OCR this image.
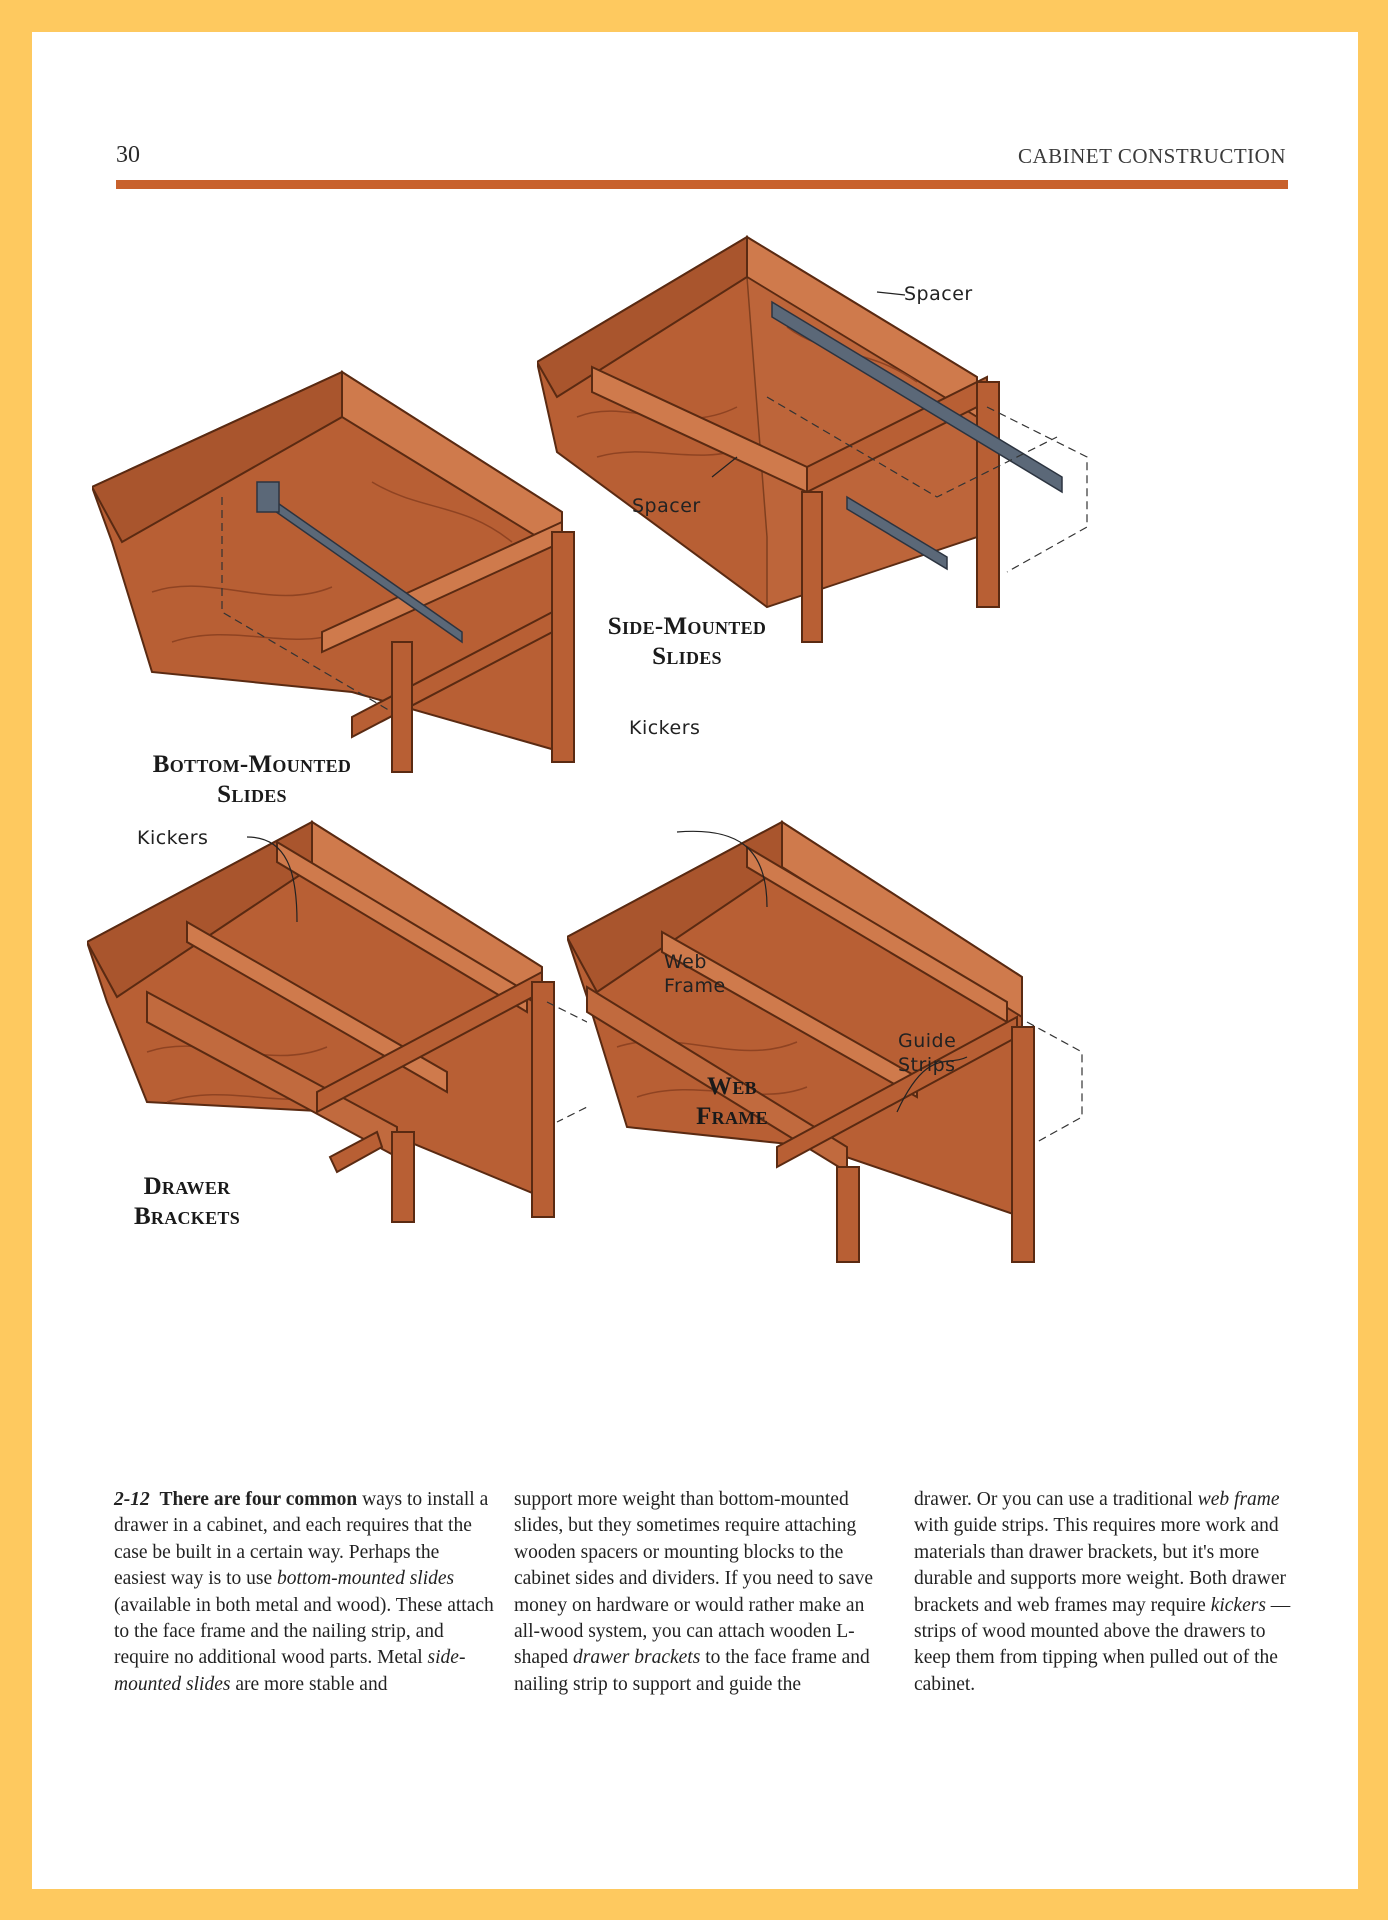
30	CABINET CONSTRUCTION
Spacer
Spacer
Side-Mounted
Slides
Bottom-Mounted
Slides
Kickers
Web
Frame
Guide
Strips
Web
Frame
Kickers
Drawer
Brackets
2-12 There are four common ways to install a drawer in a cabinet, and each requires that the case be built in a certain way. Perhaps the easiest way is to use bottom-mounted slides (available in both metal and wood). These attach to the face frame and the nailing strip, and require no additional wood parts. Metal side-mounted slides are more stable and
support more weight than bottom-mounted slides, but they sometimes require attaching wooden spacers or mounting blocks to the cabinet sides and dividers. If you need to save money on hardware or would rather make an all-wood system, you can attach wooden L-shaped drawer brackets to the face frame and nailing strip to support and guide the
drawer. Or you can use a traditional web frame with guide strips. This requires more work and materials than drawer brackets, but it's more durable and supports more weight. Both drawer brackets and web frames may require kickers — strips of wood mounted above the drawers to keep them from tipping when pulled out of the cabinet.
